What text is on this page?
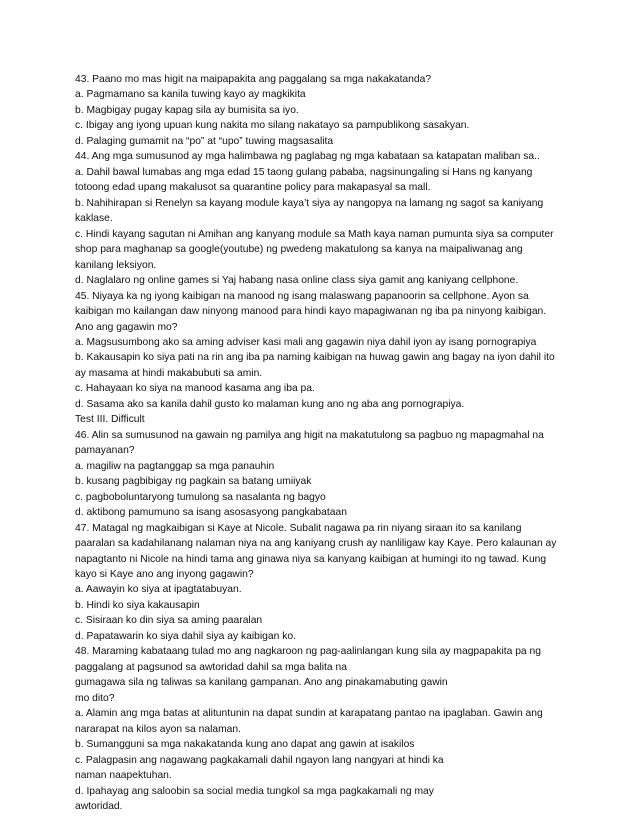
43. Paano mo mas higit na maipapakita ang paggalang sa mga nakakatanda?
a. Pagmamano sa kanila tuwing kayo ay magkikita
b. Magbigay pugay kapag sila ay bumisita sa iyo.
c. Ibigay ang iyong upuan kung nakita mo silang nakatayo sa pampublikong sasakyan.
d. Palaging gumamit na “po” at “upo” tuwing magsasalita
44. Ang mga sumusunod ay mga halimbawa ng paglabag ng mga kabataan sa katapatan maliban sa..
a. Dahil bawal lumabas ang mga edad 15 taong gulang pababa, nagsinungaling si Hans ng kanyang
totoong edad upang makalusot sa quarantine policy para makapasyal sa mall.
b. Nahihirapan si Renelyn sa kayang module kaya’t siya ay nangopya na lamang ng sagot sa kaniyang
kaklase.
c. Hindi kayang sagutan ni Amihan ang kanyang module sa Math kaya naman pumunta siya sa computer
shop para maghanap sa google(youtube) ng pwedeng makatulong sa kanya na maipaliwanag ang
kanilang leksiyon.
d. Naglalaro ng online games si Yaj habang nasa online class siya gamit ang kaniyang cellphone.
45. Niyaya ka ng iyong kaibigan na manood ng isang malaswang papanoorin sa cellphone. Ayon sa
kaibigan mo kailangan daw ninyong manood para hindi kayo mapagiwanan ng iba pa ninyong kaibigan.
Ano ang gagawin mo?
a. Magsusumbong ako sa aming adviser kasi mali ang gagawin niya dahil iyon ay isang pornograpiya
b. Kakausapin ko siya pati na rin ang iba pa naming kaibigan na huwag gawin ang bagay na iyon dahil ito
ay masama at hindi makabubuti sa amin.
c. Hahayaan ko siya na manood kasama ang iba pa.
d. Sasama ako sa kanila dahil gusto ko malaman kung ano ng aba ang pornograpiya.
Test III. Difficult
46. Alin sa sumusunod na gawain ng pamilya ang higit na makatutulong sa pagbuo ng mapagmahal na
pamayanan?
a. magiliw na pagtanggap sa mga panauhin
b. kusang pagbibigay ng pagkain sa batang umiiyak
c. pagboboluntaryong tumulong sa nasalanta ng bagyo
d. aktibong pamumuno sa isang asosasyong pangkabataan
47. Matagal ng magkaibigan si Kaye at Nicole. Subalit nagawa pa rin niyang siraan ito sa kanilang
paaralan sa kadahilanang nalaman niya na ang kaniyang crush ay nanliligaw kay Kaye. Pero kalaunan ay
napagtanto ni Nicole na hindi tama ang ginawa niya sa kanyang kaibigan at humingi ito ng tawad. Kung
kayo si Kaye ano ang inyong gagawin?
a. Aawayin ko siya at ipagtatabuyan.
b. Hindi ko siya kakausapin
c. Sisiraan ko din siya sa aming paaralan
d. Papatawarin ko siya dahil siya ay kaibigan ko.
48. Maraming kabataang tulad mo ang nagkaroon ng pag-aalinlangan kung sila ay magpapakita pa ng
paggalang at pagsunod sa awtoridad dahil sa mga balita na
gumagawa sila ng taliwas sa kanilang gampanan. Ano ang pinakamabuting gawin
mo dito?
a. Alamin ang mga batas at alituntunin na dapat sundin at karapatang pantao na ipaglaban. Gawin ang
nararapat na kilos ayon sa nalaman.
b. Sumangguni sa mga nakakatanda kung ano dapat ang gawin at isakilos
c. Palagpasin ang nagawang pagkakamali dahil ngayon lang nangyari at hindi ka
naman naapektuhan.
d. Ipahayag ang saloobin sa social media tungkol sa mga pagkakamali ng may
awtoridad.
